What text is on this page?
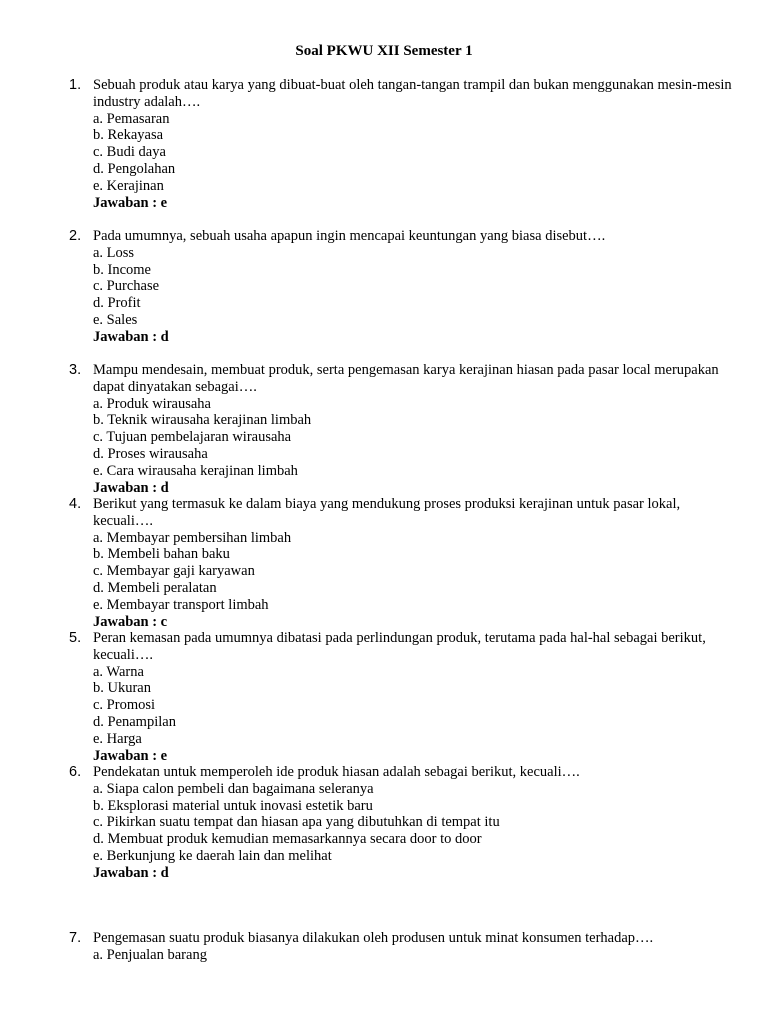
Soal PKWU XII Semester 1
1. Sebuah produk atau karya yang dibuat-buat oleh tangan-tangan trampil dan bukan menggunakan mesin-mesin industry adalah….
a. Pemasaran
b. Rekayasa
c. Budi daya
d. Pengolahan
e. Kerajinan
Jawaban : e
2. Pada umumnya, sebuah usaha apapun ingin mencapai keuntungan yang biasa disebut….
a. Loss
b. Income
c. Purchase
d. Profit
e. Sales
Jawaban : d
3. Mampu mendesain, membuat produk, serta pengemasan karya kerajinan hiasan pada pasar local merupakan dapat dinyatakan sebagai….
a. Produk wirausaha
b. Teknik wirausaha kerajinan limbah
c. Tujuan pembelajaran wirausaha
d. Proses wirausaha
e. Cara wirausaha kerajinan limbah
Jawaban : d
4. Berikut yang termasuk ke dalam biaya yang mendukung proses produksi kerajinan untuk pasar lokal, kecuali….
a. Membayar pembersihan limbah
b. Membeli bahan baku
c. Membayar gaji karyawan
d. Membeli peralatan
e. Membayar transport limbah
Jawaban : c
5. Peran kemasan pada umumnya dibatasi pada perlindungan produk, terutama pada hal-hal sebagai berikut, kecuali….
a. Warna
b. Ukuran
c. Promosi
d. Penampilan
e. Harga
Jawaban : e
6. Pendekatan untuk memperoleh ide produk hiasan adalah sebagai berikut, kecuali….
a. Siapa calon pembeli dan bagaimana seleranya
b. Eksplorasi material untuk inovasi estetik baru
c. Pikirkan suatu tempat dan hiasan apa yang dibutuhkan di tempat itu
d. Membuat produk kemudian memasarkannya secara door to door
e. Berkunjung ke daerah lain dan melihat
Jawaban : d
7. Pengemasan suatu produk biasanya dilakukan oleh produsen untuk minat konsumen terhadap….
a. Penjualan barang
